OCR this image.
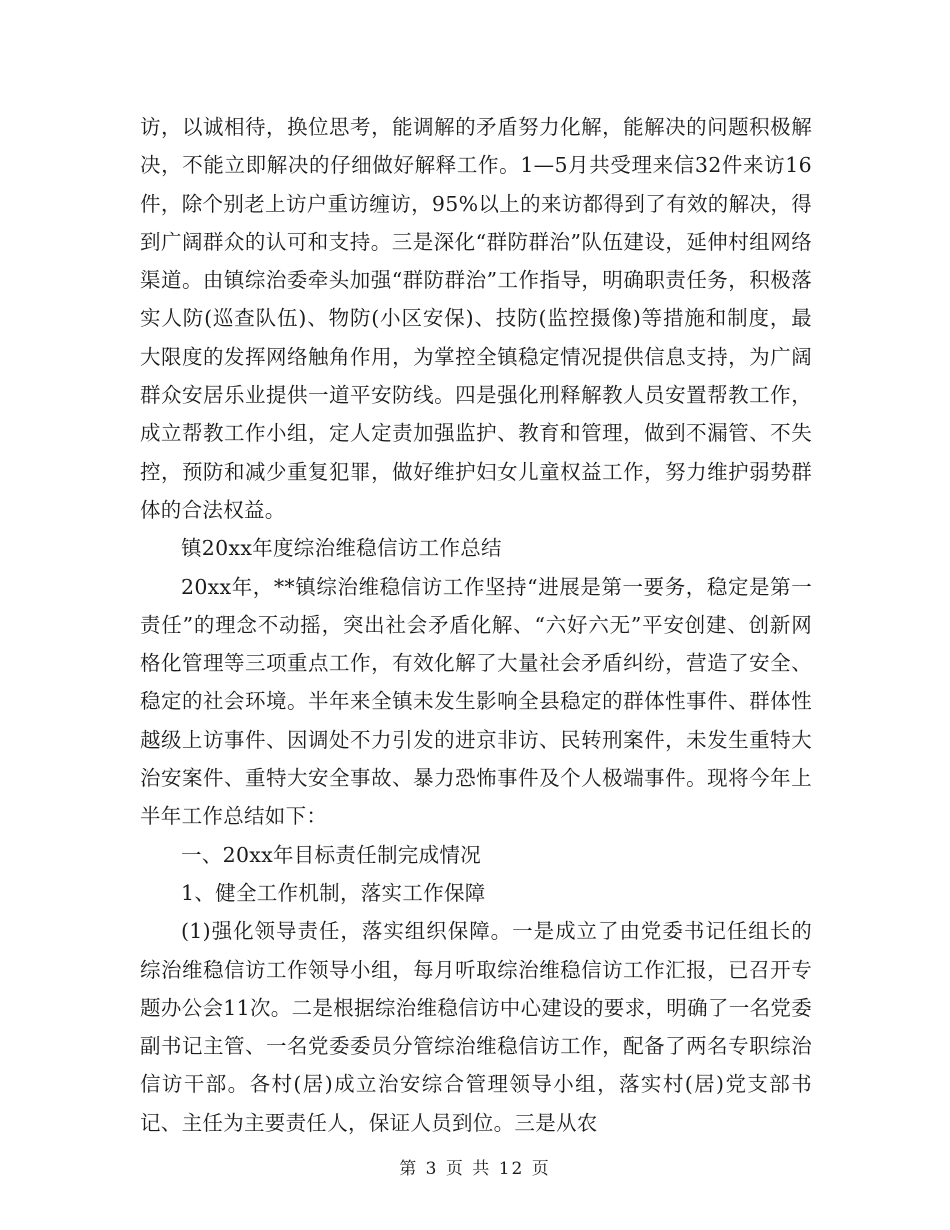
访，以诚相待，换位思考，能调解的矛盾努力化解，能解决的问题积极解决，不能立即解决的仔细做好解释工作。1—5月共受理来信32件来访16件，除个别老上访户重访缠访，95%以上的来访都得到了有效的解决，得到广阔群众的认可和支持。三是深化“群防群治”队伍建设，延伸村组网络渠道。由镇综治委牵头加强“群防群治”工作指导，明确职责任务，积极落实人防(巡查队伍)、物防(小区安保)、技防(监控摄像)等措施和制度，最大限度的发挥网络触角作用，为掌控全镇稳定情况提供信息支持，为广阔群众安居乐业提供一道平安防线。四是强化刑释解教人员安置帮教工作，成立帮教工作小组，定人定责加强监护、教育和管理，做到不漏管、不失控，预防和减少重复犯罪，做好维护妇女儿童权益工作，努力维护弱势群体的合法权益。

镇20xx年度综治维稳信访工作总结

20xx年，**镇综治维稳信访工作坚持“进展是第一要务，稳定是第一责任”的理念不动摇，突出社会矛盾化解、“六好六无”平安创建、创新网格化管理等三项重点工作，有效化解了大量社会矛盾纠纷，营造了安全、稳定的社会环境。半年来全镇未发生影响全县稳定的群体性事件、群体性越级上访事件、因调处不力引发的进京非访、民转刑案件，未发生重特大治安案件、重特大安全事故、暴力恐怖事件及个人极端事件。现将今年上半年工作总结如下：

一、20xx年目标责任制完成情况

1、健全工作机制，落实工作保障

(1)强化领导责任，落实组织保障。一是成立了由党委书记任组长的综治维稳信访工作领导小组，每月听取综治维稳信访工作汇报，已召开专题办公会11次。二是根据综治维稳信访中心建设的要求，明确了一名党委副书记主管、一名党委委员分管综治维稳信访工作，配备了两名专职综治信访干部。各村(居)成立治安综合管理领导小组，落实村(居)党支部书记、主任为主要责任人，保证人员到位。三是从农

第 3 页 共 12 页
